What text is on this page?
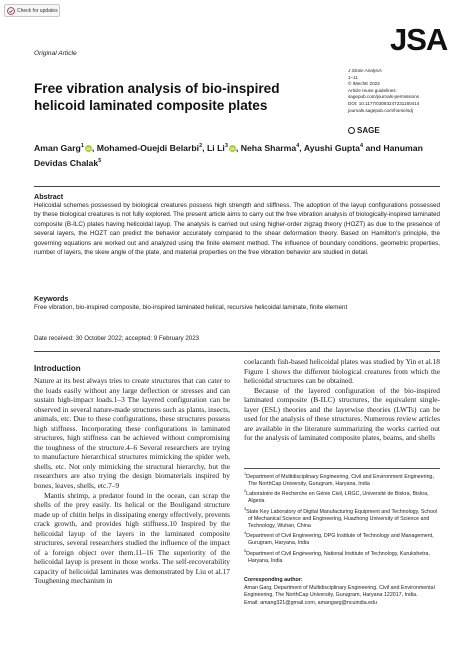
Check for updates
Original Article	JSA
J Strain Analysis
1–11
© IMechE 2023
Article reuse guidelines:
sagepub.com/journals-permissions
DOI: 10.1177/03093247231160414
journals.sagepub.com/home/sdj
SAGE
Free vibration analysis of bio-inspired helicoid laminated composite plates
Aman Garg$^1$ iD , Mohamed-Ouejdi Belarbi$^2$, Li Li$^3$ iD , Neha Sharma$^4$, Ayushi Gupta$^4$ and Hanuman Devidas Chalak$^5$
Abstract
Helicoidal schemes possessed by biological creatures possess high strength and stiffness. The adoption of the layup configurations possessed by these biological creatures is not fully explored. The present article aims to carry out the free vibration analysis of biologically-inspired laminated composite (B-ILC) plates having helicoidal layup. The analysis is carried out using higher-order zigzag theory (HOZT) as due to the presence of several layers, the HOZT can predict the behavior accurately compared to the shear deformation theory. Based on Hamilton's principle, the governing equations are worked out and analyzed using the finite element method. The influence of boundary conditions, geometric properties, number of layers, the skew angle of the plate, and material properties on the free vibration behavior are studied in detail.
Keywords
Free vibration, bio-inspired composite, bio-inspired laminated helical, recursive helicoidal laminate, finite element
Date received: 30 October 2022; accepted: 9 February 2023
Introduction

Nature at its best always tries to create structures that can cater to the loads easily without any large deflection or stresses and can sustain high-impact loads.1–3 The layered configuration can be observed in several nature-made structures such as plants, insects, animals, etc. Due to these configurations, these structures possess high stiffness. Incorporating these configurations in laminated structures, high stiffness can be achieved without compromising the toughness of the structure.4–6 Several researchers are trying to manufacture hierarchical structures mimicking the spider web, shells, etc. Not only mimicking the structural hierarchy, but the researchers are also trying the design biomaterials inspired by bones, leaves, shells, etc.7–9

Mantis shrimp, a predator found in the ocean, can scrap the shells of the prey easily. Its helical or the Bouligand structure made up of chitin helps in dissipating energy effectively, prevents crack growth, and provides high stiffness.10 Inspired by the helicoidal layup of the layers in the laminated composite structures, several researchers studied the influence of the impact of a foreign object over them.11–16 The superiority of the helicoidal layup is present in those works. The self-recoverability capacity of helicoidal laminates was demonstrated by Liu et al.17 Toughening mechanism in

coelacanth fish-based helicoidal plates was studied by Yin et al.18 Figure 1 shows the different biological creatures from which the helicoidal structures can be obtained.

Because of the layered configuration of the bio-inspired laminated composite (B-ILC) structures, the equivalent single-layer (ESL) theories and the layerwise theories (LWTs) can be used for the analysis of these structures. Numerous review articles are available in the literature summarizing the works carried out for the analysis of laminated composite plates, beams, and shells

$^1$Department of Multidisciplinary Engineering, Civil and Environment Engineering, The NorthCap University, Gurugram, Haryana, India
$^2$Laboratoire de Recherche en Génie Civil, LRGC, Université de Biskra, Biskra, Algeria
$^3$State Key Laboratory of Digital Manufacturing Equipment and Technology, School of Mechanical Science and Engineering, Huazhong University of Science and Technology, Wuhan, China
$^4$Department of Civil Engineering, DPG Institute of Technology and Management, Gurugram, Haryana, India
$^5$Department of Civil Engineering, National Institute of Technology, Kurukshetra, Haryana, India
Corresponding author:
Aman Garg, Department of Multidisciplinary Engineering, Civil and Environmental Engineering, The NorthCap University, Gurugram, Haryana 122017, India.
Email: amang321@gmail.com, amangarg@ncuindia.edu
